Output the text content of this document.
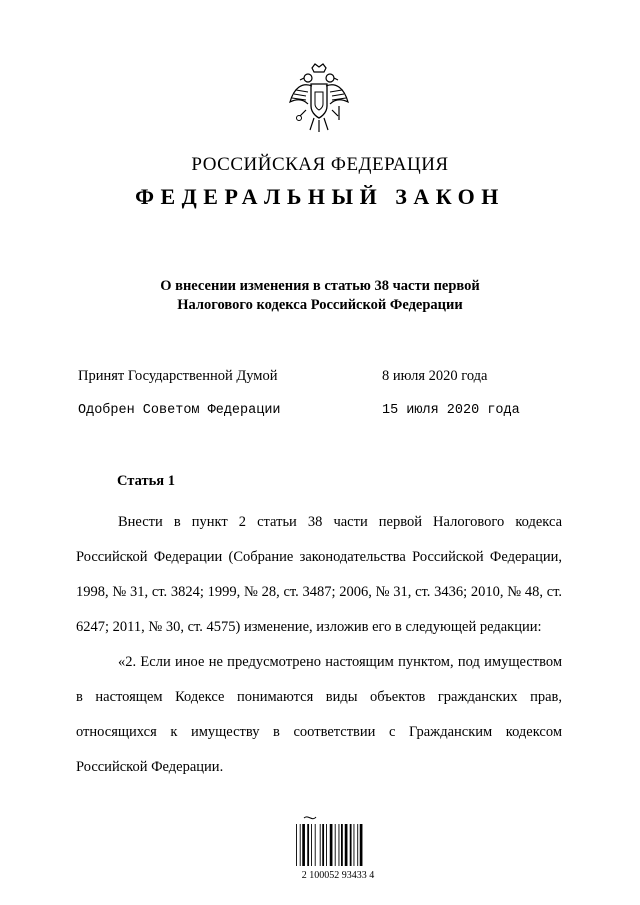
РОССИЙСКАЯ ФЕДЕРАЦИЯ
ФЕДЕРАЛЬНЫЙ ЗАКОН
О внесении изменения в статью 38 части первой
Налогового кодекса Российской Федерации
Принят Государственной Думой	8 июля 2020 года
Одобрен Советом Федерации	15 июля 2020 года
Статья 1

Внести в пункт 2 статьи 38 части первой Налогового кодекса Российской Федерации (Собрание законодательства Российской Федерации, 1998, № 31, ст. 3824; 1999, № 28, ст. 3487; 2006, № 31, ст. 3436; 2010, № 48, ст. 6247; 2011, № 30, ст. 4575) изменение, изложив его в следующей редакции:

«2. Если иное не предусмотрено настоящим пунктом, под имуществом в настоящем Кодексе понимаются виды объектов гражданских прав, относящихся к имуществу в соответствии с Гражданским кодексом Российской Федерации.

2 100052 93433 4
